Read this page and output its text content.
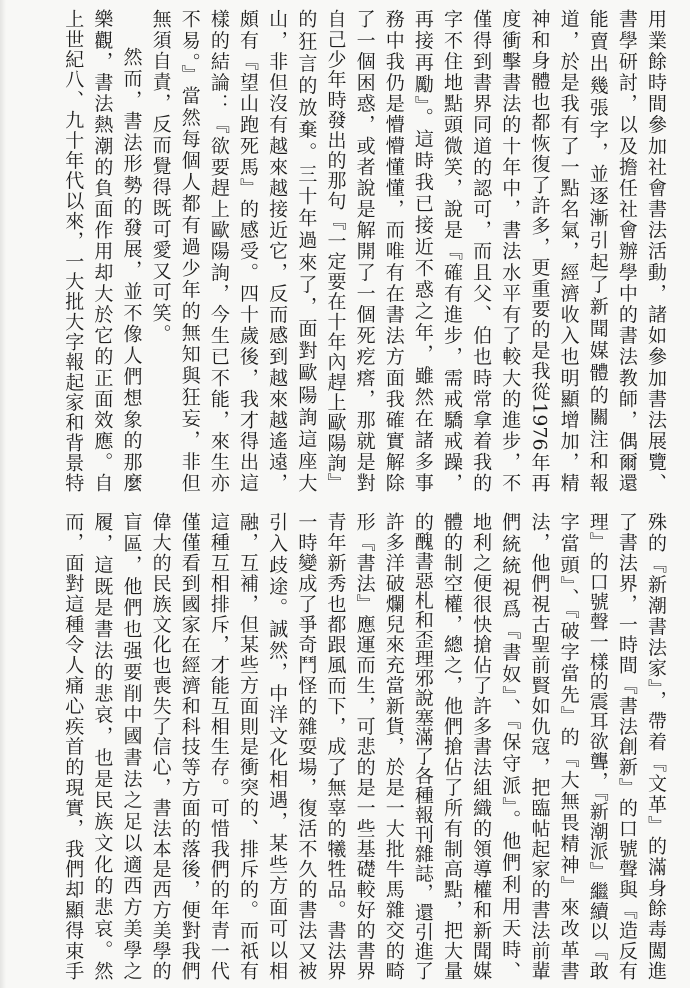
用業餘時間參加社會書法活動，諸如參加書法展覽、
書學研討，以及擔任社會辦學中的書法教師，偶爾還
能賣出幾張字，並逐漸引起了新聞媒體的關注和報
道，於是我有了一點名氣，經濟收入也明顯增加，精
神和身體也都恢復了許多，更重要的是我從1976年再
度衝擊書法的十年中，書法水平有了較大的進步，不
僅得到書界同道的認可，而且父、伯也時常拿着我的
字不住地點頭微笑，說是『確有進步，需戒驕戒躁，
再接再勵』。這時我已接近不惑之年，雖然在諸多事
務中我仍是懵懵懂懂，而唯有在書法方面我確實解除
了一個困惑，或者說是解開了一個死疙瘩，那就是對
自己少年時發出的那句『一定要在十年內趕上歐陽詢』
的狂言的放棄。三十年過來了，面對歐陽詢這座大
山，非但沒有越來越接近它，反而感到越來越遙遠，
頗有『望山跑死馬』的感受。四十歲後，我才得出這
樣的結論：『欲要趕上歐陽詢，今生已不能，來生亦
不易。』當然每個人都有過少年的無知與狂妄，非但
無須自責，反而覺得既可愛又可笑。
然而，書法形勢的發展，並不像人們想象的那麼
樂觀，書法熱潮的負面作用却大於它的正面效應。自
上世紀八、九十年代以來，一大批大字報起家和背景特
殊的『新潮書法家』，帶着『文革』的滿身餘毒闖進
了書法界，一時間『書法創新』的口號聲與『造反有
理』的口號聲一樣的震耳欲聾，『新潮派』繼續以『敢
字當頭』、『破字當先』的『大無畏精神』來改革書
法，他們視古聖前賢如仇寇，把臨帖起家的書法前輩
們統統視爲『書奴』、『保守派』。他們利用天時、
地利之便很快搶佔了許多書法組織的領導權和新聞媒
體的制空權，總之，他們搶佔了所有制高點，把大量
的醜書惡札和歪理邪說塞滿了各種報刊雜誌，還引進了
許多洋破爛兒來充當新貨，於是一大批牛馬雜交的畸
形『書法』應運而生，可悲的是一些基礎較好的書界
青年新秀也都跟風而下，成了無辜的犧牲品。書法界
一時變成了爭奇鬥怪的雜耍場，復活不久的書法又被
引入歧途。誠然，中洋文化相遇，某些方面可以相
融，互補，但某些方面則是衝突的、排斥的。而祇有
這種互相排斥，才能互相生存。可惜我們的年青一代
僅僅看到國家在經濟和科技等方面的落後，便對我們
偉大的民族文化也喪失了信心，書法本是西方美學的
盲區，他們也强要削中國書法之足以適西方美學之
履，這既是書法的悲哀，也是民族文化的悲哀。然
而，面對這種令人痛心疾首的現實，我們却顯得束手
